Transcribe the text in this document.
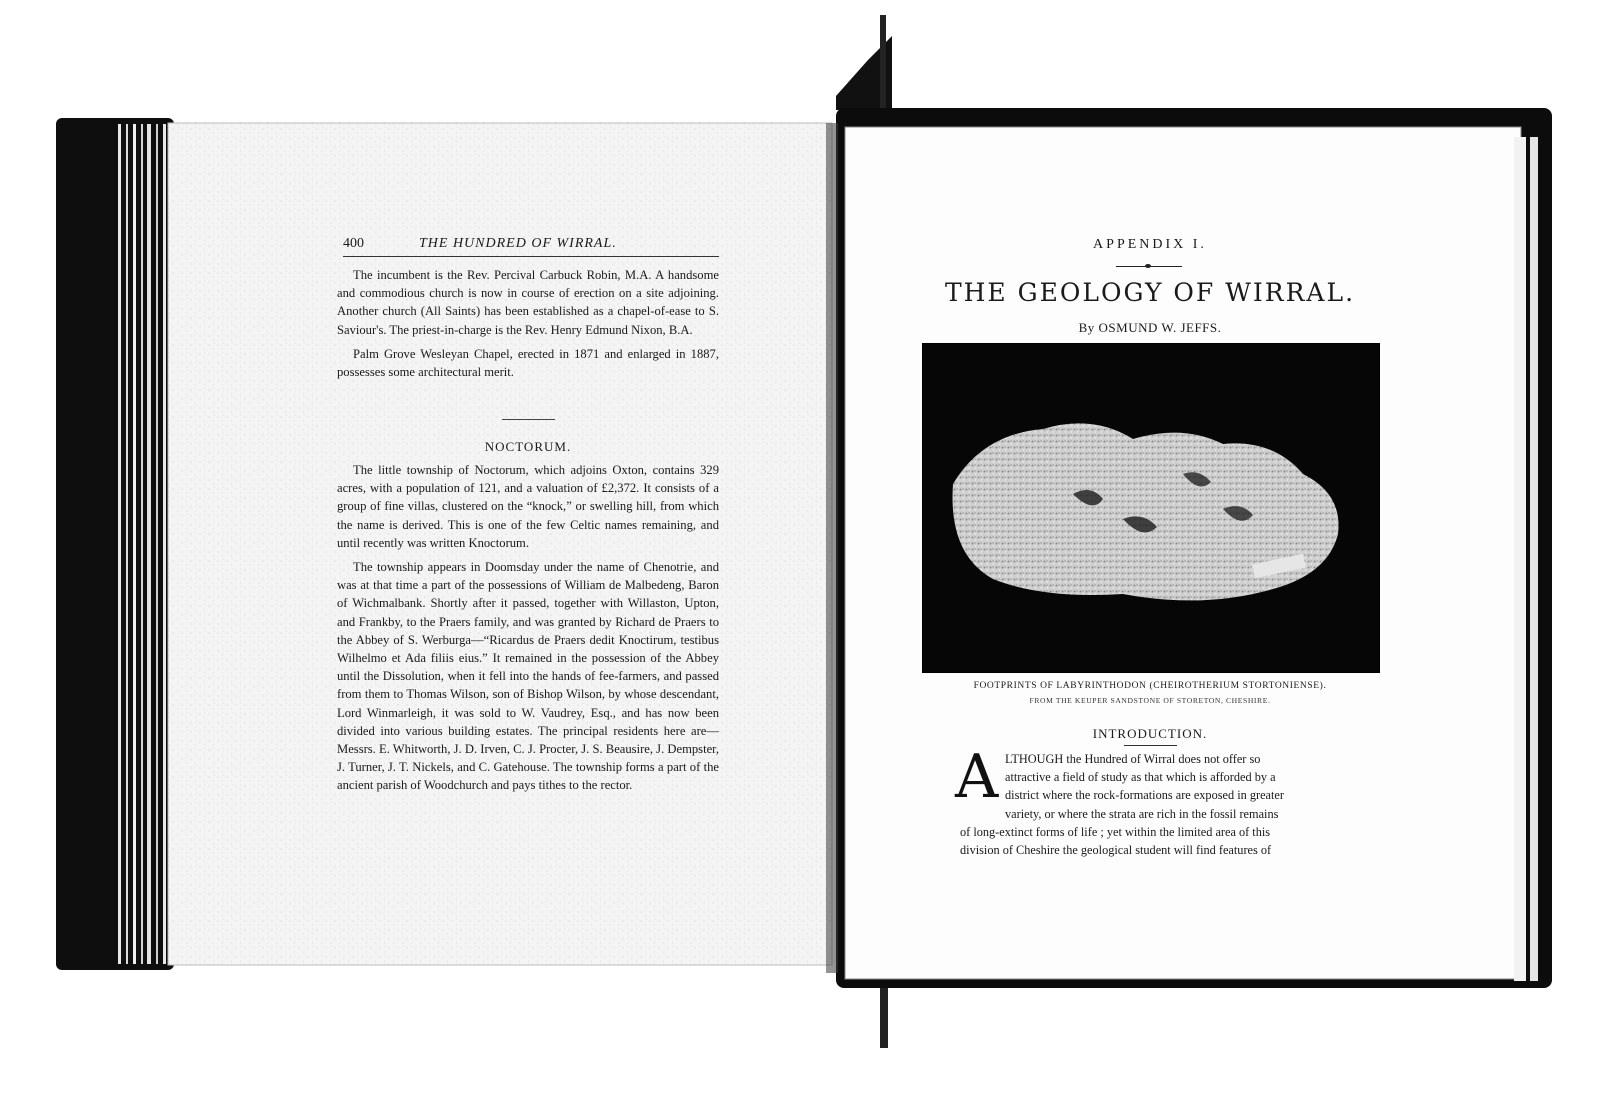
400	THE HUNDRED OF WIRRAL.

The incumbent is the Rev. Percival Carbuck Robin, M.A. A handsome and commodious church is now in course of erection on a site adjoining. Another church (All Saints) has been established as a chapel-of-ease to S. Saviour's. The priest-in-charge is the Rev. Henry Edmund Nixon, B.A.

Palm Grove Wesleyan Chapel, erected in 1871 and enlarged in 1887, possesses some architectural merit.

NOCTORUM.

The little township of Noctorum, which adjoins Oxton, contains 329 acres, with a population of 121, and a valuation of £2,372. It consists of a group of fine villas, clustered on the “knock,” or swelling hill, from which the name is derived. This is one of the few Celtic names remaining, and until recently was written Knoctorum.

The township appears in Doomsday under the name of Chenotrie, and was at that time a part of the possessions of William de Malbedeng, Baron of Wichmalbank. Shortly after it passed, together with Willaston, Upton, and Frankby, to the Praers family, and was granted by Richard de Praers to the Abbey of S. Werburga—“Ricardus de Praers dedit Knoctirum, testibus Wilhelmo et Ada filiis eius.” It remained in the possession of the Abbey until the Dissolution, when it fell into the hands of fee-farmers, and passed from them to Thomas Wilson, son of Bishop Wilson, by whose descendant, Lord Winmarleigh, it was sold to W. Vaudrey, Esq., and has now been divided into various building estates. The principal residents here are—Messrs. E. Whitworth, J. D. Irven, C. J. Procter, J. S. Beausire, J. Dempster, J. Turner, J. T. Nickels, and C. Gatehouse. The township forms a part of the ancient parish of Woodchurch and pays tithes to the rector.

APPENDIX I.
THE GEOLOGY OF WIRRAL.
By OSMUND W. JEFFS.
FOOTPRINTS OF LABYRINTHODON (CHEIROTHERIUM STORTONIENSE).
FROM THE KEUPER SANDSTONE OF STORETON, CHESHIRE.
INTRODUCTION.
A LTHOUGH the Hundred of Wirral does not offer so
attractive a field of study as that which is afforded by a
district where the rock-formations are exposed in greater
variety, or where the strata are rich in the fossil remains
of long-extinct forms of life ; yet within the limited area of this
division of Cheshire the geological student will find features of
